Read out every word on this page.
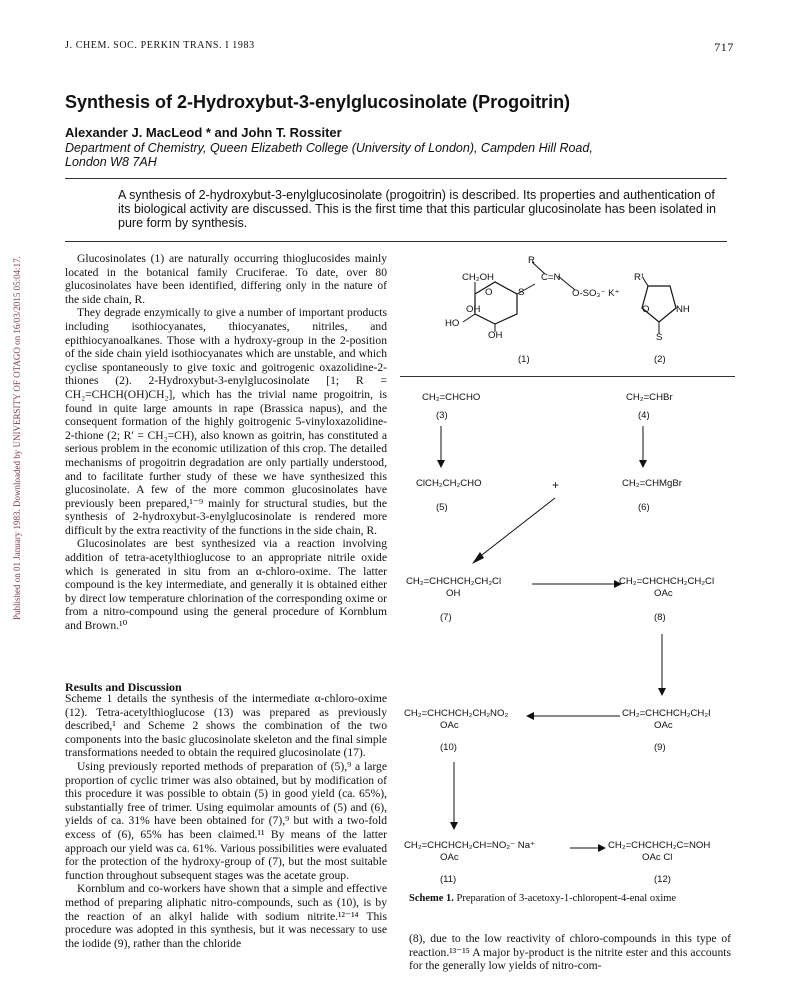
J. CHEM. SOC. PERKIN TRANS. I 1983	717
Published on 01 January 1983. Downloaded by UNIVERSITY OF OTAGO on 16/03/2015 05:04:17.
Synthesis of 2-Hydroxybut-3-enylglucosinolate (Progoitrin)
Alexander J. MacLeod * and John T. Rossiter
Department of Chemistry, Queen Elizabeth College (University of London), Campden Hill Road,
London W8 7AH
A synthesis of 2-hydroxybut-3-enylglucosinolate (progoitrin) is described. Its properties and authentication of its biological activity are discussed. This is the first time that this particular glucosinolate has been isolated in pure form by synthesis.

Glucosinolates (1) are naturally occurring thioglucosides mainly located in the botanical family Cruciferae. To date, over 80 glucosinolates have been identified, differing only in the nature of the side chain, R.

They degrade enzymically to give a number of important products including isothiocyanates, thiocyanates, nitriles, and epithiocyanoalkanes. Those with a hydroxy-group in the 2-position of the side chain yield isothiocyanates which are unstable, and which cyclise spontaneously to give toxic and goitrogenic oxazolidine-2-thiones (2). 2-Hydroxybut-3-enylglucosinolate [1; R = CH₂=CHCH(OH)CH₂], which has the trivial name progoitrin, is found in quite large amounts in rape (Brassica napus), and the consequent formation of the highly goitrogenic 5-vinyloxazolidine-2-thione (2; R′ = CH₂=CH), also known as goitrin, has constituted a serious problem in the economic utilization of this crop. The detailed mechanisms of progoitrin degradation are only partially understood, and to facilitate further study of these we have synthesized this glucosinolate. A few of the more common glucosinolates have previously been prepared,¹⁻⁹ mainly for structural studies, but the synthesis of 2-hydroxybut-3-enylglucosinolate is rendered more difficult by the extra reactivity of the functions in the side chain, R.

Glucosinolates are best synthesized via a reaction involving addition of tetra-acetylthioglucose to an appropriate nitrile oxide which is generated in situ from an α-chloro-oxime. The latter compound is the key intermediate, and generally it is obtained either by direct low temperature chlorination of the corresponding oxime or from a nitro-compound using the general procedure of Kornblum and Brown.¹⁰

Results and Discussion

Scheme 1 details the synthesis of the intermediate α-chloro-oxime (12). Tetra-acetylthioglucose (13) was prepared as previously described,¹ and Scheme 2 shows the combination of the two components into the basic glucosinolate skeleton and the final simple transformations needed to obtain the required glucosinolate (17).

Using previously reported methods of preparation of (5),⁹ a large proportion of cyclic trimer was also obtained, but by modification of this procedure it was possible to obtain (5) in good yield (ca. 65%), substantially free of trimer. Using equimolar amounts of (5) and (6), yields of ca. 31% have been obtained for (7),⁹ but with a two-fold excess of (6), 65% has been claimed.¹¹ By means of the latter approach our yield was ca. 61%. Various possibilities were evaluated for the protection of the hydroxy-group of (7), but the most suitable function throughout subsequent stages was the acetate group.

Kornblum and co-workers have shown that a simple and effective method of preparing aliphatic nitro-compounds, such as (10), is by the reaction of an alkyl halide with sodium nitrite.¹²⁻¹⁴ This procedure was adopted in this synthesis, but it was necessary to use the iodide (9), rather than the chloride

R
C=N
O-SO₃⁻ K⁺
CH₂OH
O	S
OH
HO
OH
(1)
R¹
O	NH
S
(2)
CH₂=CHCHO
(3)
CH₂=CHBr
(4)
ClCH₂CH₂CHO
(5)
+	CH₂=CHMgBr
(6)
CH₂=CHCHCH₂CH₂Cl
OH
(7)
CH₂=CHCHCH₂CH₂Cl
OAc
(8)
CH₂=CHCHCH₂CH₂NO₂
OAc
(10)
CH₂=CHCHCH₂CH₂I
OAc
(9)
CH₂=CHCHCH₂CH=NO₂⁻ Na⁺
OAc
(11)
CH₂=CHCHCH₂C=NOH
OAc Cl
(12)
Scheme 1. Preparation of 3-acetoxy-1-chloropent-4-enal oxime

(8), due to the low reactivity of chloro-compounds in this type of reaction.¹³⁻¹⁵ A major by-product is the nitrite ester and this accounts for the generally low yields of nitro-com-
